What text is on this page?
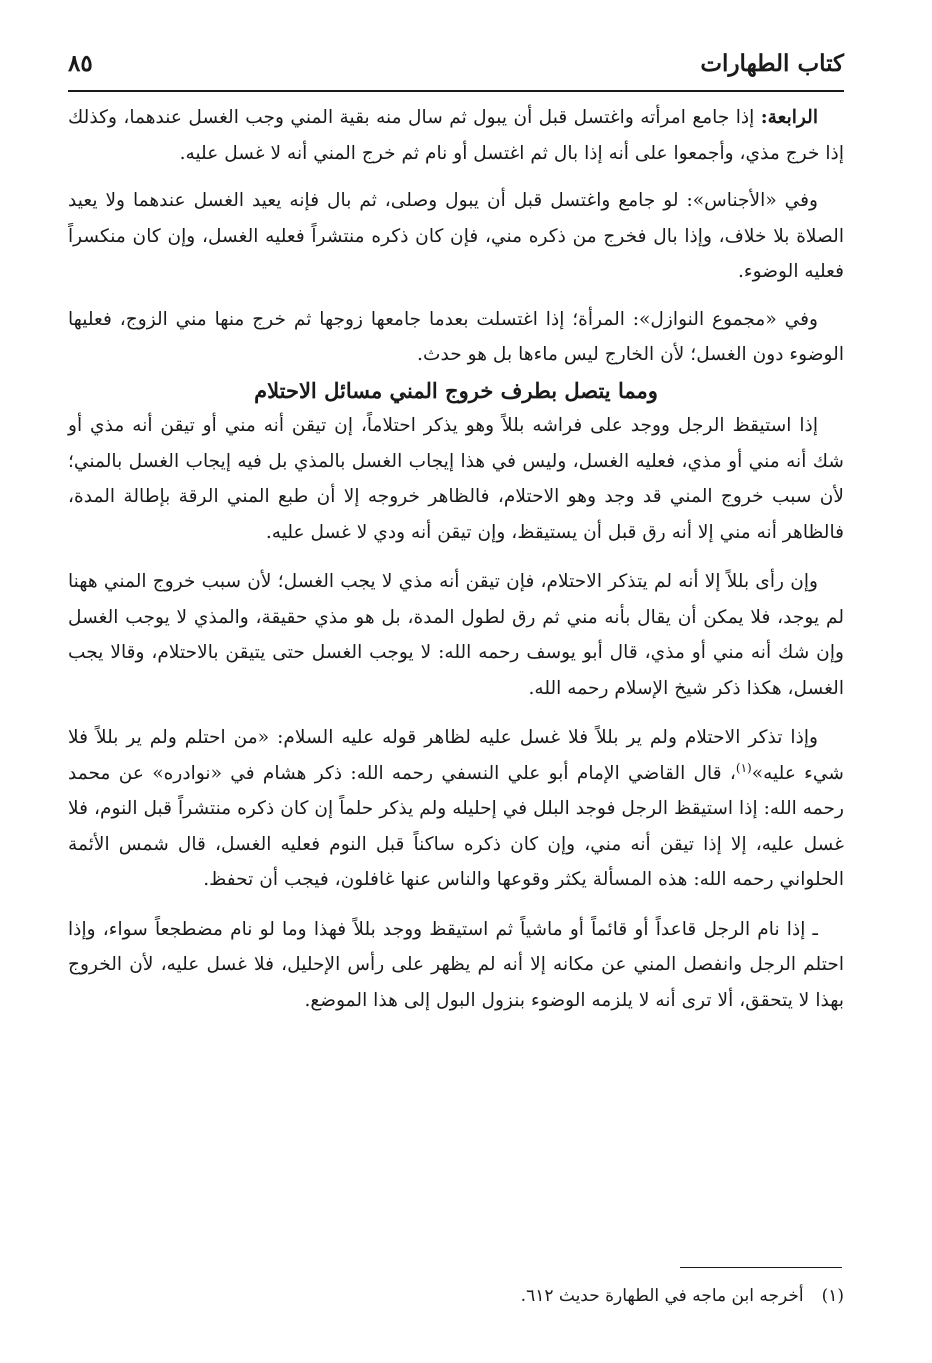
كتاب الطهارات
٨٥

الرابعة: إذا جامع امرأته واغتسل قبل أن يبول ثم سال منه بقية المني وجب الغسل عندهما، وكذلك إذا خرج مذي، وأجمعوا على أنه إذا بال ثم اغتسل أو نام ثم خرج المني أنه لا غسل عليه.

وفي «الأجناس»: لو جامع واغتسل قبل أن يبول وصلى، ثم بال فإنه يعيد الغسل عندهما ولا يعيد الصلاة بلا خلاف، وإذا بال فخرج من ذكره مني، فإن كان ذكره منتشراً فعليه الغسل، وإن كان منكسراً فعليه الوضوء.

وفي «مجموع النوازل»: المرأة؛ إذا اغتسلت بعدما جامعها زوجها ثم خرج منها مني الزوج، فعليها الوضوء دون الغسل؛ لأن الخارج ليس ماءها بل هو حدث.

ومما يتصل بطرف خروج المني مسائل الاحتلام

إذا استيقظ الرجل ووجد على فراشه بللاً وهو يذكر احتلاماً، إن تيقن أنه مني أو تيقن أنه مذي أو شك أنه مني أو مذي، فعليه الغسل، وليس في هذا إيجاب الغسل بالمذي بل فيه إيجاب الغسل بالمني؛ لأن سبب خروج المني قد وجد وهو الاحتلام، فالظاهر خروجه إلا أن طبع المني الرقة بإطالة المدة، فالظاهر أنه مني إلا أنه رق قبل أن يستيقظ، وإن تيقن أنه ودي لا غسل عليه.

وإن رأى بللاً إلا أنه لم يتذكر الاحتلام، فإن تيقن أنه مذي لا يجب الغسل؛ لأن سبب خروج المني ههنا لم يوجد، فلا يمكن أن يقال بأنه مني ثم رق لطول المدة، بل هو مذي حقيقة، والمذي لا يوجب الغسل وإن شك أنه مني أو مذي، قال أبو يوسف رحمه الله: لا يوجب الغسل حتى يتيقن بالاحتلام، وقالا يجب الغسل، هكذا ذكر شيخ الإسلام رحمه الله.

وإذا تذكر الاحتلام ولم ير بللاً فلا غسل عليه لظاهر قوله عليه السلام: «من احتلم ولم ير بللاً فلا شيء عليه»$^{(١)}$، قال القاضي الإمام أبو علي النسفي رحمه الله: ذكر هشام في «نوادره» عن محمد رحمه الله: إذا استيقظ الرجل فوجد البلل في إحليله ولم يذكر حلماً إن كان ذكره منتشراً قبل النوم، فلا غسل عليه، إلا إذا تيقن أنه مني، وإن كان ذكره ساكناً قبل النوم فعليه الغسل، قال شمس الأئمة الحلواني رحمه الله: هذه المسألة يكثر وقوعها والناس عنها غافلون، فيجب أن تحفظ.

ـ إذا نام الرجل قاعداً أو قائماً أو ماشياً ثم استيقظ ووجد بللاً فهذا وما لو نام مضطجعاً سواء، وإذا احتلم الرجل وانفصل المني عن مكانه إلا أنه لم يظهر على رأس الإحليل، فلا غسل عليه، لأن الخروج بهذا لا يتحقق، ألا ترى أنه لا يلزمه الوضوء بنزول البول إلى هذا الموضع.

(١)أخرجه ابن ماجه في الطهارة حديث ٦١٢.
